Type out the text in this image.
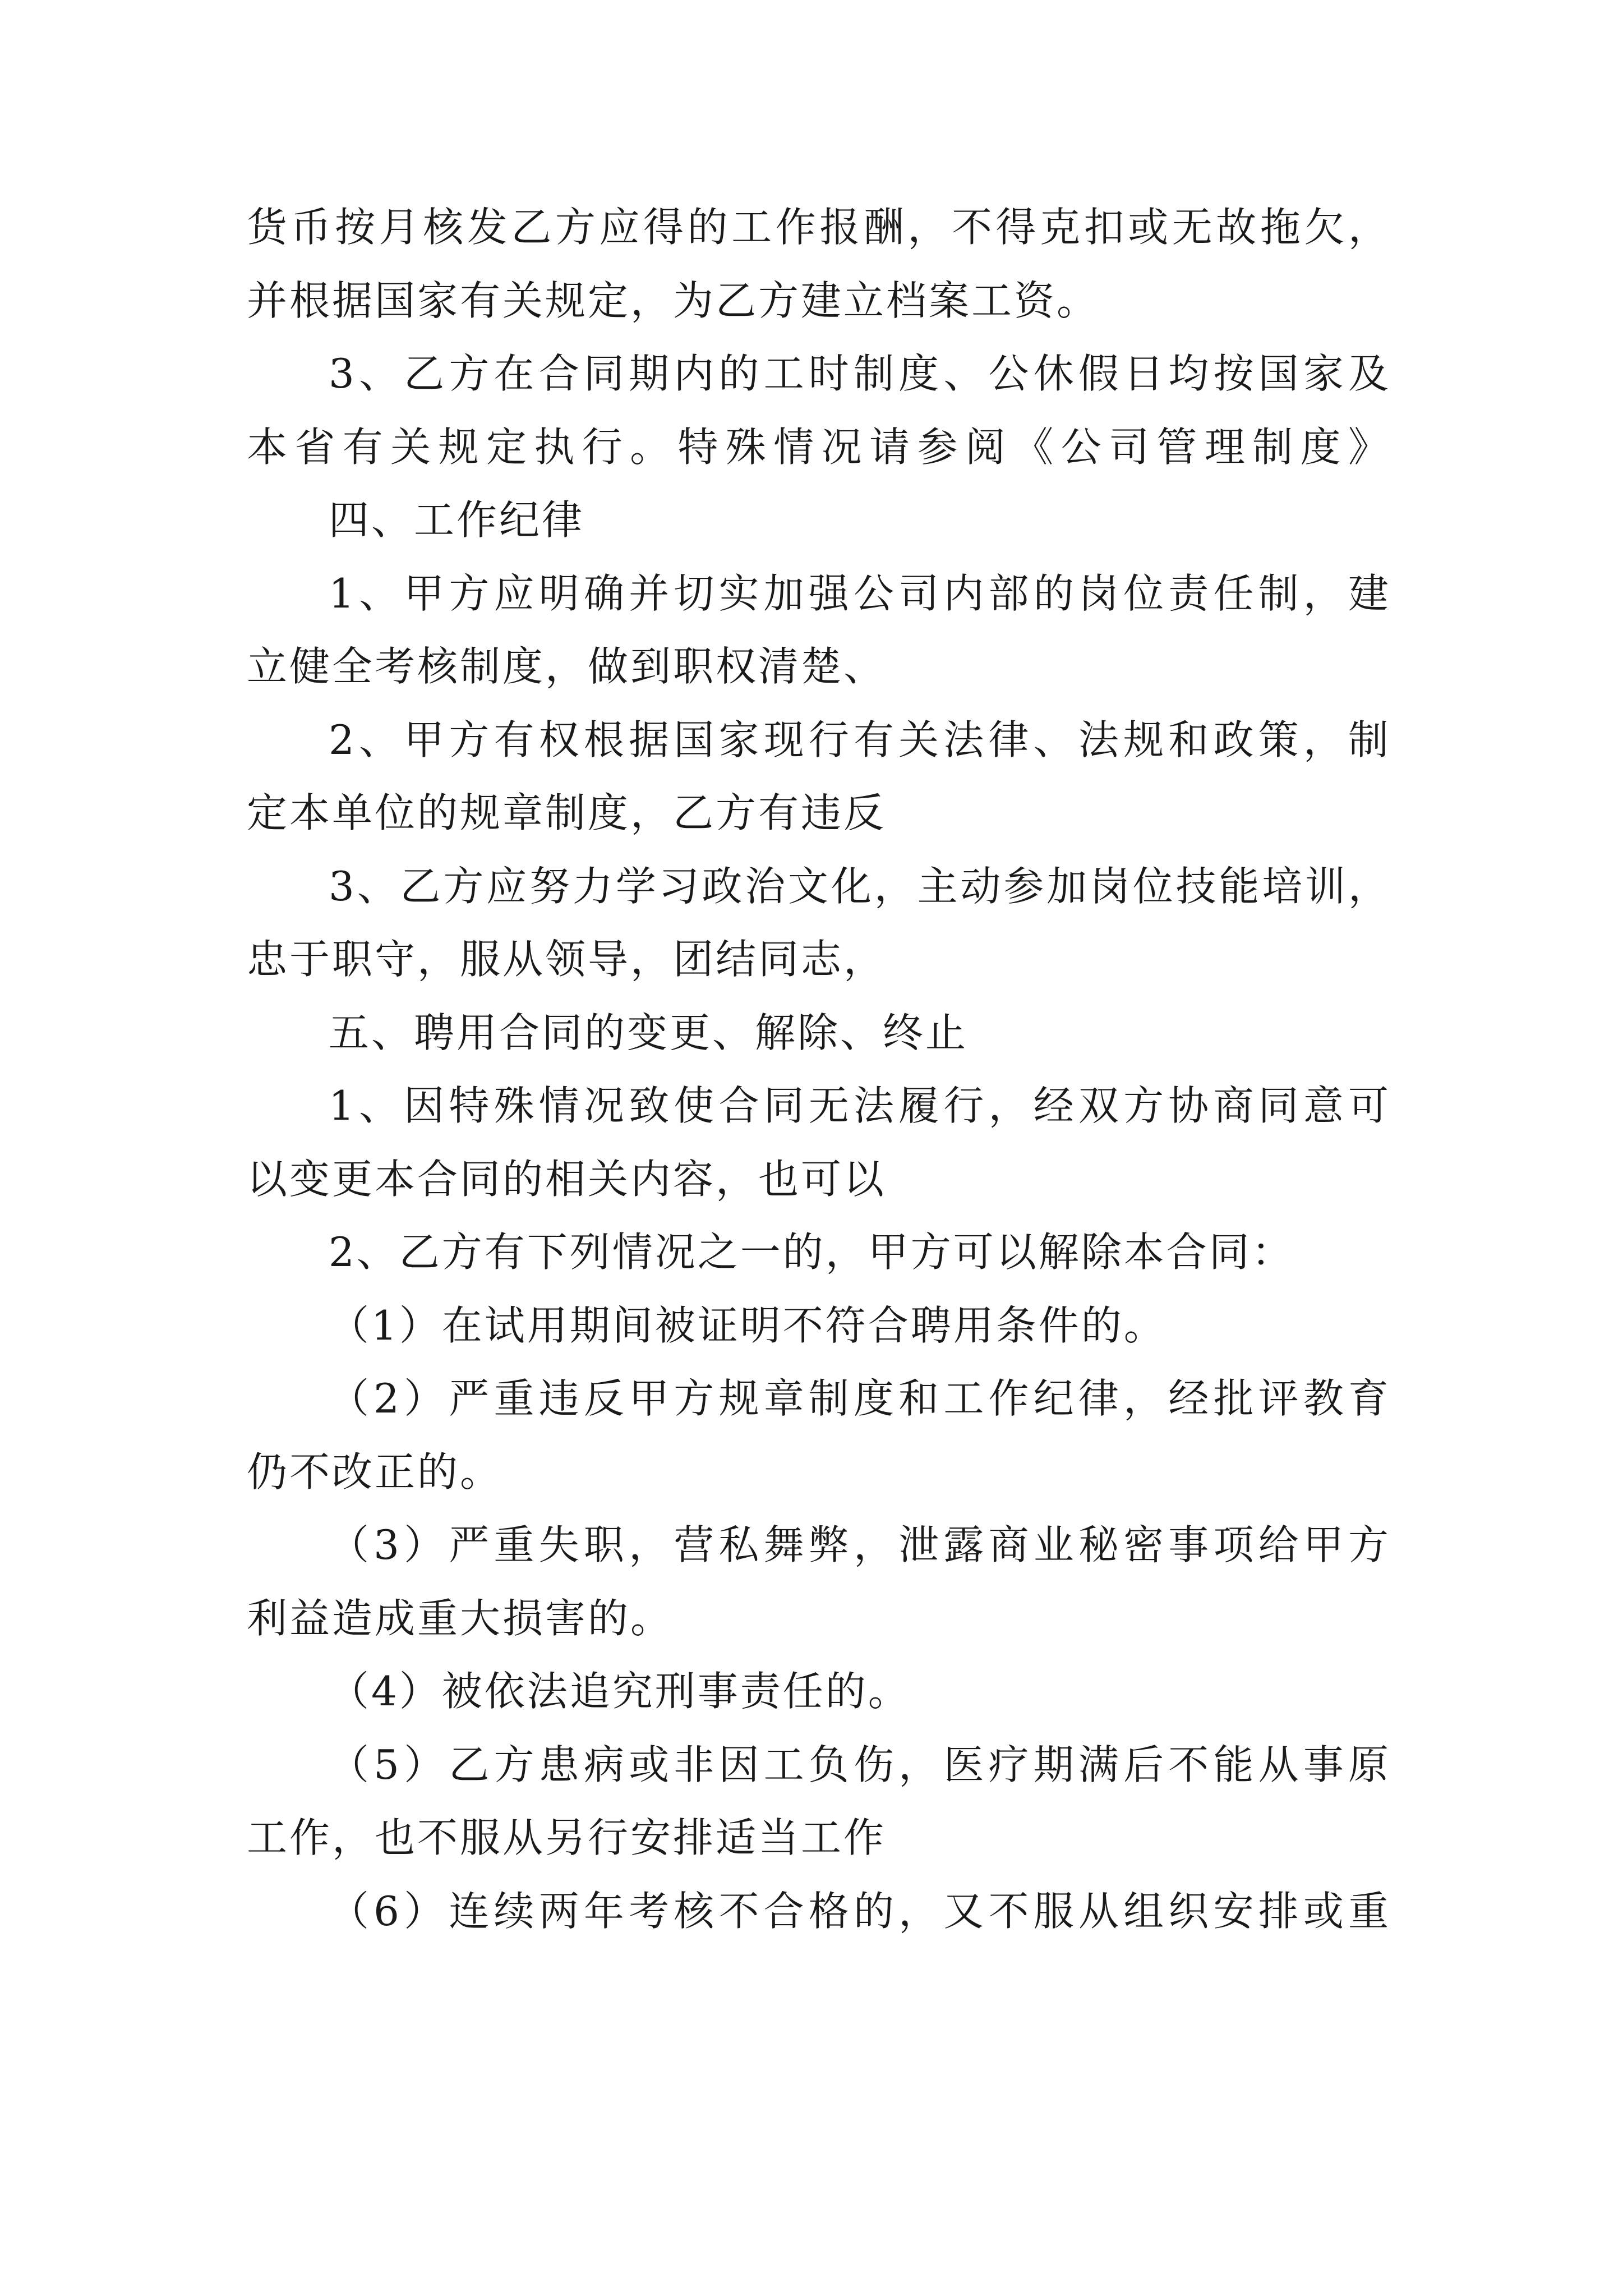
货币按月核发乙方应得的工作报酬，不得克扣或无故拖欠，
并根据国家有关规定，为乙方建立档案工资。
3、乙方在合同期内的工时制度、公休假日均按国家及
本省有关规定执行。特殊情况请参阅《公司管理制度》
四、工作纪律
1、甲方应明确并切实加强公司内部的岗位责任制，建
立健全考核制度，做到职权清楚、
2、甲方有权根据国家现行有关法律、法规和政策，制
定本单位的规章制度，乙方有违反
3、乙方应努力学习政治文化，主动参加岗位技能培训，
忠于职守，服从领导，团结同志，
五、聘用合同的变更、解除、终止
1、因特殊情况致使合同无法履行，经双方协商同意可
以变更本合同的相关内容，也可以
2、乙方有下列情况之一的，甲方可以解除本合同：
（1）在试用期间被证明不符合聘用条件的。
（2）严重违反甲方规章制度和工作纪律，经批评教育
仍不改正的。
（3）严重失职，营私舞弊，泄露商业秘密事项给甲方
利益造成重大损害的。
（4）被依法追究刑事责任的。
（5）乙方患病或非因工负伤，医疗期满后不能从事原
工作，也不服从另行安排适当工作
（6）连续两年考核不合格的，又不服从组织安排或重
